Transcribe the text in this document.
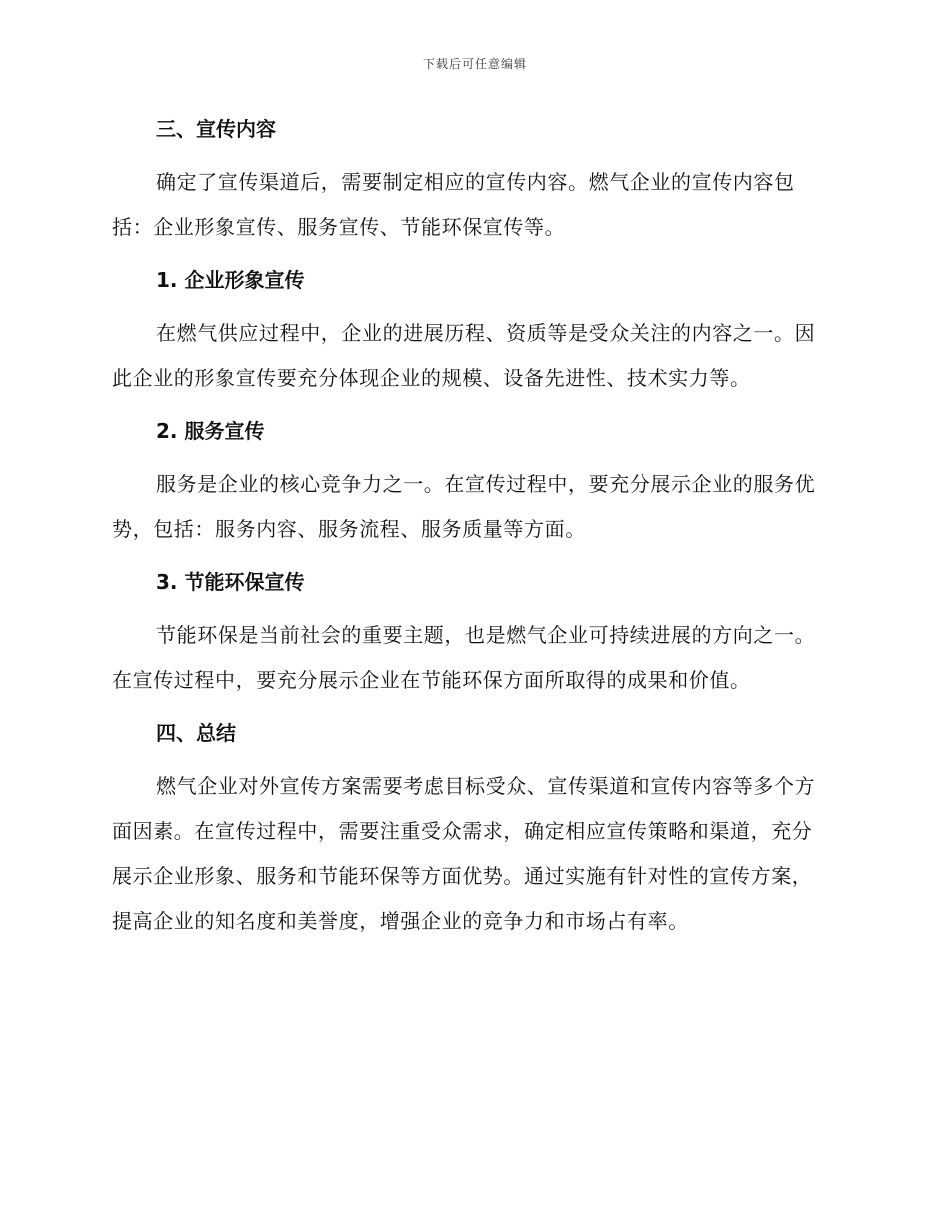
下载后可任意编辑
三、宣传内容

确定了宣传渠道后，需要制定相应的宣传内容。燃气企业的宣传内容包括：企业形象宣传、服务宣传、节能环保宣传等。

1. 企业形象宣传

在燃气供应过程中，企业的进展历程、资质等是受众关注的内容之一。因此企业的形象宣传要充分体现企业的规模、设备先进性、技术实力等。

2. 服务宣传

服务是企业的核心竞争力之一。在宣传过程中，要充分展示企业的服务优势，包括：服务内容、服务流程、服务质量等方面。

3. 节能环保宣传

节能环保是当前社会的重要主题，也是燃气企业可持续进展的方向之一。在宣传过程中，要充分展示企业在节能环保方面所取得的成果和价值。

四、总结

燃气企业对外宣传方案需要考虑目标受众、宣传渠道和宣传内容等多个方面因素。在宣传过程中，需要注重受众需求，确定相应宣传策略和渠道，充分展示企业形象、服务和节能环保等方面优势。通过实施有针对性的宣传方案，提高企业的知名度和美誉度，增强企业的竞争力和市场占有率。
